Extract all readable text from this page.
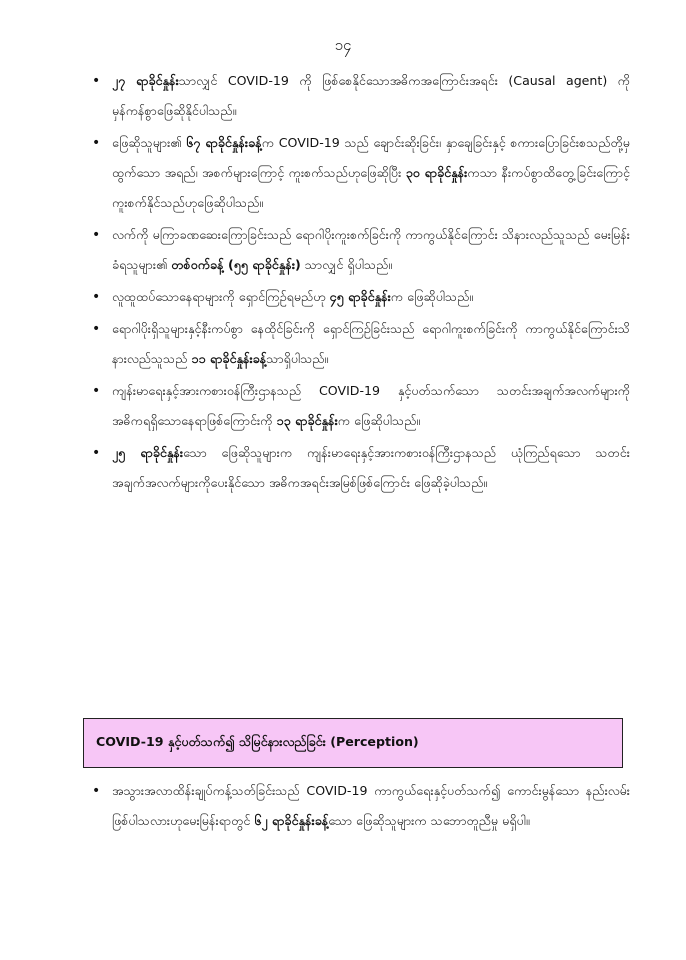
၁၄
• ၂၇ ရာခိုင်နှုန်းသာလျှင် COVID-19 ကို ဖြစ်စေနိုင်သောအဓိကအကြောင်းအရင်း (Causal agent) ကို မှန်ကန်စွာဖြေဆိုနိုင်ပါသည်။
• ဖြေဆိုသူများ၏ ၆၇ ရာခိုင်နှုန်းခန့်က COVID-19 သည် ချောင်းဆိုးခြင်း၊ နှာချေခြင်းနှင့် စကားပြောခြင်းစသည်တို့မှထွက်သော အရည်၊ အစက်များကြောင့် ကူးစက်သည်ဟုဖြေဆိုပြီး ၃၀ ရာခိုင်နှုန်းကသာ နီးကပ်စွာထိတွေ့ခြင်းကြောင့် ကူးစက်နိုင်သည်ဟုဖြေဆိုပါသည်။
• လက်ကို မကြာခဏဆေးကြောခြင်းသည် ရောဂါပိုးကူးစက်ခြင်းကို ကာကွယ်နိုင်ကြောင်း သိနားလည်သူသည် မေးမြန်းခံရသူများ၏ တစ်ဝက်ခန့် (၅၅ ရာခိုင်နှုန်း) သာလျှင် ရှိပါသည်။
• လူထူထပ်သောနေရာများကို ရှောင်ကြဉ်ရမည်ဟု ၄၅ ရာခိုင်နှုန်းက ဖြေဆိုပါသည်။
• ရောဂါပိုးရှိသူများနှင့်နီးကပ်စွာ နေထိုင်ခြင်းကို ရှောင်ကြဉ်ခြင်းသည် ရောဂါကူးစက်ခြင်းကို ကာကွယ်နိုင်ကြောင်းသိနားလည်သူသည် ၁၁ ရာခိုင်နှုန်းခန့်သာရှိပါသည်။
• ကျန်းမာရေးနှင့်အားကစားဝန်ကြီးဌာနသည် COVID-19 နှင့်ပတ်သက်သော သတင်းအချက်အလက်များကို အဓိကရရှိသောနေရာဖြစ်ကြောင်းကို ၁၃ ရာခိုင်နှုန်းက ဖြေဆိုပါသည်။
• ၂၅ ရာခိုင်နှုန်းသော ဖြေဆိုသူများက ကျန်းမာရေးနှင့်အားကစားဝန်ကြီးဌာနသည် ယုံကြည်ရသော သတင်းအချက်အလက်များကိုပေးနိုင်သော အဓိကအရင်းအမြစ်ဖြစ်ကြောင်း ဖြေဆိုခဲ့ပါသည်။
COVID-19 နှင့်ပတ်သက်၍ သိမြင်နားလည်ခြင်း (Perception)
• အသွားအလာထိန်းချုပ်ကန့်သတ်ခြင်းသည် COVID-19 ကာကွယ်ရေးနှင့်ပတ်သက်၍ ကောင်းမွန်သော နည်းလမ်းဖြစ်ပါသလားဟုမေးမြန်းရာတွင် ၆၂ ရာခိုင်နှုန်းခန့်သော ဖြေဆိုသူများက သဘောတူညီမှု မရှိပါ။
